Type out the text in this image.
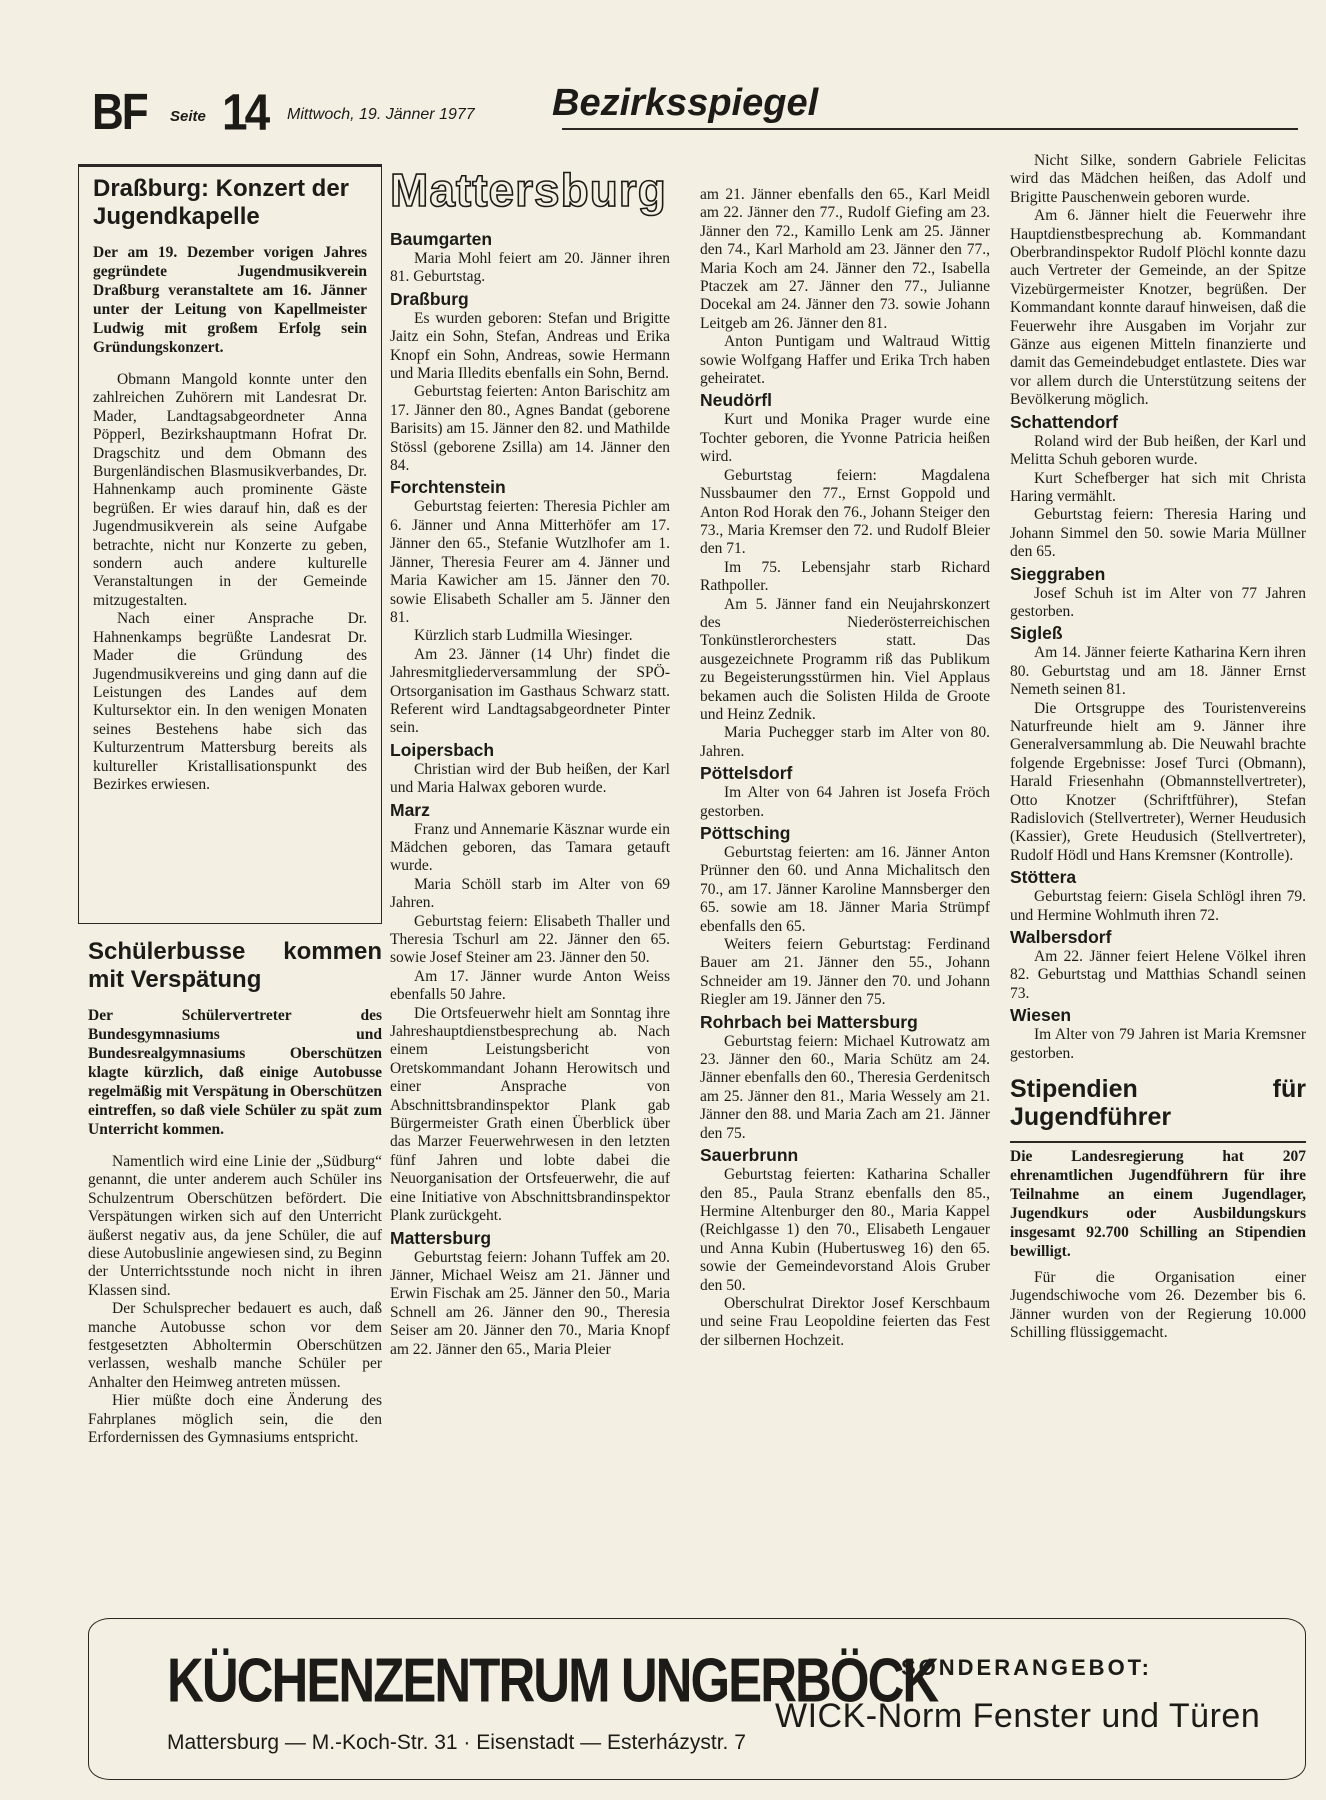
BF Seite 14 Mittwoch, 19. Jänner 1977 Bezirksspiegel
Draßburg: Konzert der Jugendkapelle
Der am 19. Dezember vorigen Jahres gegründete Jugendmusikverein Draßburg veranstaltete am 16. Jänner unter der Leitung von Kapellmeister Ludwig mit großem Erfolg sein Gründungskonzert.

Obmann Mangold konnte unter den zahlreichen Zuhörern mit Landesrat Dr. Mader, Landtagsabgeordneter Anna Pöpperl, Bezirkshauptmann Hofrat Dr. Dragschitz und dem Obmann des Burgenländischen Blasmusikverbandes, Dr. Hahnenkamp auch prominente Gäste begrüßen. Er wies darauf hin, daß es der Jugendmusikverein als seine Aufgabe betrachte, nicht nur Konzerte zu geben, sondern auch andere kulturelle Veranstaltungen in der Gemeinde mitzugestalten.

Nach einer Ansprache Dr. Hahnenkamps begrüßte Landesrat Dr. Mader die Gründung des Jugendmusikvereins und ging dann auf die Leistungen des Landes auf dem Kultursektor ein. In den wenigen Monaten seines Bestehens habe sich das Kulturzentrum Mattersburg bereits als kultureller Kristallisationspunkt des Bezirkes erwiesen.

Schülerbusse kommen mit Verspätung
Der Schülervertreter des Bundesgymnasiums und Bundesrealgymnasiums Oberschützen klagte kürzlich, daß einige Autobusse regelmäßig mit Verspätung in Oberschützen eintreffen, so daß viele Schüler zu spät zum Unterricht kommen.

Namentlich wird eine Linie der „Südburg“ genannt, die unter anderem auch Schüler ins Schulzentrum Oberschützen befördert. Die Verspätungen wirken sich auf den Unterricht äußerst negativ aus, da jene Schüler, die auf diese Autobuslinie angewiesen sind, zu Beginn der Unterrichtsstunde noch nicht in ihren Klassen sind.

Der Schulsprecher bedauert es auch, daß manche Autobusse schon vor dem festgesetzten Abholtermin Oberschützen verlassen, weshalb manche Schüler per Anhalter den Heimweg antreten müssen.

Hier müßte doch eine Änderung des Fahrplanes möglich sein, die den Erfordernissen des Gymnasiums entspricht.

Mattersburg
Baumgarten

Maria Mohl feiert am 20. Jänner ihren 81. Geburtstag.

Draßburg

Es wurden geboren: Stefan und Brigitte Jaitz ein Sohn, Stefan, Andreas und Erika Knopf ein Sohn, Andreas, sowie Hermann und Maria Illedits ebenfalls ein Sohn, Bernd.

Geburtstag feierten: Anton Barischitz am 17. Jänner den 80., Agnes Bandat (geborene Barisits) am 15. Jänner den 82. und Mathilde Stössl (geborene Zsilla) am 14. Jänner den 84.

Forchtenstein

Geburtstag feierten: Theresia Pichler am 6. Jänner und Anna Mitterhöfer am 17. Jänner den 65., Stefanie Wutzlhofer am 1. Jänner, Theresia Feurer am 4. Jänner und Maria Kawicher am 15. Jänner den 70. sowie Elisabeth Schaller am 5. Jänner den 81.

Kürzlich starb Ludmilla Wiesinger.

Am 23. Jänner (14 Uhr) findet die Jahresmitgliederversammlung der SPÖ-Ortsorganisation im Gasthaus Schwarz statt. Referent wird Landtagsabgeordneter Pinter sein.

Loipersbach

Christian wird der Bub heißen, der Karl und Maria Halwax geboren wurde.

Marz

Franz und Annemarie Käsznar wurde ein Mädchen geboren, das Tamara getauft wurde.

Maria Schöll starb im Alter von 69 Jahren.

Geburtstag feiern: Elisabeth Thaller und Theresia Tschurl am 22. Jänner den 65. sowie Josef Steiner am 23. Jänner den 50.

Am 17. Jänner wurde Anton Weiss ebenfalls 50 Jahre.

Die Ortsfeuerwehr hielt am Sonntag ihre Jahreshauptdienstbesprechung ab. Nach einem Leistungsbericht von Oretskommandant Johann Herowitsch und einer Ansprache von Abschnittsbrandinspektor Plank gab Bürgermeister Grath einen Überblick über das Marzer Feuerwehrwesen in den letzten fünf Jahren und lobte dabei die Neuorganisation der Ortsfeuerwehr, die auf eine Initiative von Abschnittsbrandinspektor Plank zurückgeht.

Mattersburg

Geburtstag feiern: Johann Tuffek am 20. Jänner, Michael Weisz am 21. Jänner und Erwin Fischak am 25. Jänner den 50., Maria Schnell am 26. Jänner den 90., Theresia Seiser am 20. Jänner den 70., Maria Knopf am 22. Jänner den 65., Maria Pleier

am 21. Jänner ebenfalls den 65., Karl Meidl am 22. Jänner den 77., Rudolf Giefing am 23. Jänner den 72., Kamillo Lenk am 25. Jänner den 74., Karl Marhold am 23. Jänner den 77., Maria Koch am 24. Jänner den 72., Isabella Ptaczek am 27. Jänner den 77., Julianne Docekal am 24. Jänner den 73. sowie Johann Leitgeb am 26. Jänner den 81.

Anton Puntigam und Waltraud Wittig sowie Wolfgang Haffer und Erika Trch haben geheiratet.

Neudörfl

Kurt und Monika Prager wurde eine Tochter geboren, die Yvonne Patricia heißen wird.

Geburtstag feiern: Magdalena Nussbaumer den 77., Ernst Goppold und Anton Rod Horak den 76., Johann Steiger den 73., Maria Kremser den 72. und Rudolf Bleier den 71.

Im 75. Lebensjahr starb Richard Rathpoller.

Am 5. Jänner fand ein Neujahrskonzert des Niederösterreichischen Tonkünstlerorchesters statt. Das ausgezeichnete Programm riß das Publikum zu Begeisterungsstürmen hin. Viel Applaus bekamen auch die Solisten Hilda de Groote und Heinz Zednik.

Maria Puchegger starb im Alter von 80. Jahren.

Pöttelsdorf

Im Alter von 64 Jahren ist Josefa Fröch gestorben.

Pöttsching

Geburtstag feierten: am 16. Jänner Anton Prünner den 60. und Anna Michalitsch den 70., am 17. Jänner Karoline Mannsberger den 65. sowie am 18. Jänner Maria Strümpf ebenfalls den 65.

Weiters feiern Geburtstag: Ferdinand Bauer am 21. Jänner den 55., Johann Schneider am 19. Jänner den 70. und Johann Riegler am 19. Jänner den 75.

Rohrbach bei Mattersburg

Geburtstag feiern: Michael Kutrowatz am 23. Jänner den 60., Maria Schütz am 24. Jänner ebenfalls den 60., Theresia Gerdenitsch am 25. Jänner den 81., Maria Wessely am 21. Jänner den 88. und Maria Zach am 21. Jänner den 75.

Sauerbrunn

Geburtstag feierten: Katharina Schaller den 85., Paula Stranz ebenfalls den 85., Hermine Altenburger den 80., Maria Kappel (Reichlgasse 1) den 70., Elisabeth Lengauer und Anna Kubin (Hubertusweg 16) den 65. sowie der Gemeindevorstand Alois Gruber den 50.

Oberschulrat Direktor Josef Kerschbaum und seine Frau Leopoldine feierten das Fest der silbernen Hochzeit.

Nicht Silke, sondern Gabriele Felicitas wird das Mädchen heißen, das Adolf und Brigitte Pauschenwein geboren wurde.

Am 6. Jänner hielt die Feuerwehr ihre Hauptdienstbesprechung ab. Kommandant Oberbrandinspektor Rudolf Plöchl konnte dazu auch Vertreter der Gemeinde, an der Spitze Vizebürgermeister Knotzer, begrüßen. Der Kommandant konnte darauf hinweisen, daß die Feuerwehr ihre Ausgaben im Vorjahr zur Gänze aus eigenen Mitteln finanzierte und damit das Gemeindebudget entlastete. Dies war vor allem durch die Unterstützung seitens der Bevölkerung möglich.

Schattendorf

Roland wird der Bub heißen, der Karl und Melitta Schuh geboren wurde.

Kurt Schefberger hat sich mit Christa Haring vermählt.

Geburtstag feiern: Theresia Haring und Johann Simmel den 50. sowie Maria Müllner den 65.

Sieggraben

Josef Schuh ist im Alter von 77 Jahren gestorben.

Sigleß

Am 14. Jänner feierte Katharina Kern ihren 80. Geburtstag und am 18. Jänner Ernst Nemeth seinen 81.

Die Ortsgruppe des Touristenvereins Naturfreunde hielt am 9. Jänner ihre Generalversammlung ab. Die Neuwahl brachte folgende Ergebnisse: Josef Turci (Obmann), Harald Friesenhahn (Obmannstellvertreter), Otto Knotzer (Schriftführer), Stefan Radislovich (Stellvertreter), Werner Heudusich (Kassier), Grete Heudusich (Stellvertreter), Rudolf Hödl und Hans Kremsner (Kontrolle).

Stöttera

Geburtstag feiern: Gisela Schlögl ihren 79. und Hermine Wohlmuth ihren 72.

Walbersdorf

Am 22. Jänner feiert Helene Völkel ihren 82. Geburtstag und Matthias Schandl seinen 73.

Wiesen

Im Alter von 79 Jahren ist Maria Kremsner gestorben.

Stipendien für Jugendführer
Die Landesregierung hat 207 ehrenamtlichen Jugendführern für ihre Teilnahme an einem Jugendlager, Jugendkurs oder Ausbildungskurs insgesamt 92.700 Schilling an Stipendien bewilligt.

Für die Organisation einer Jugendschiwoche vom 26. Dezember bis 6. Jänner wurden von der Regierung 10.000 Schilling flüssiggemacht.

KÜCHENZENTRUM UNGERBÖCK
Mattersburg — M.-Koch-Str. 31 · Eisenstadt — Esterházystr. 7
SONDERANGEBOT:
WICK-Norm Fenster und Türen
